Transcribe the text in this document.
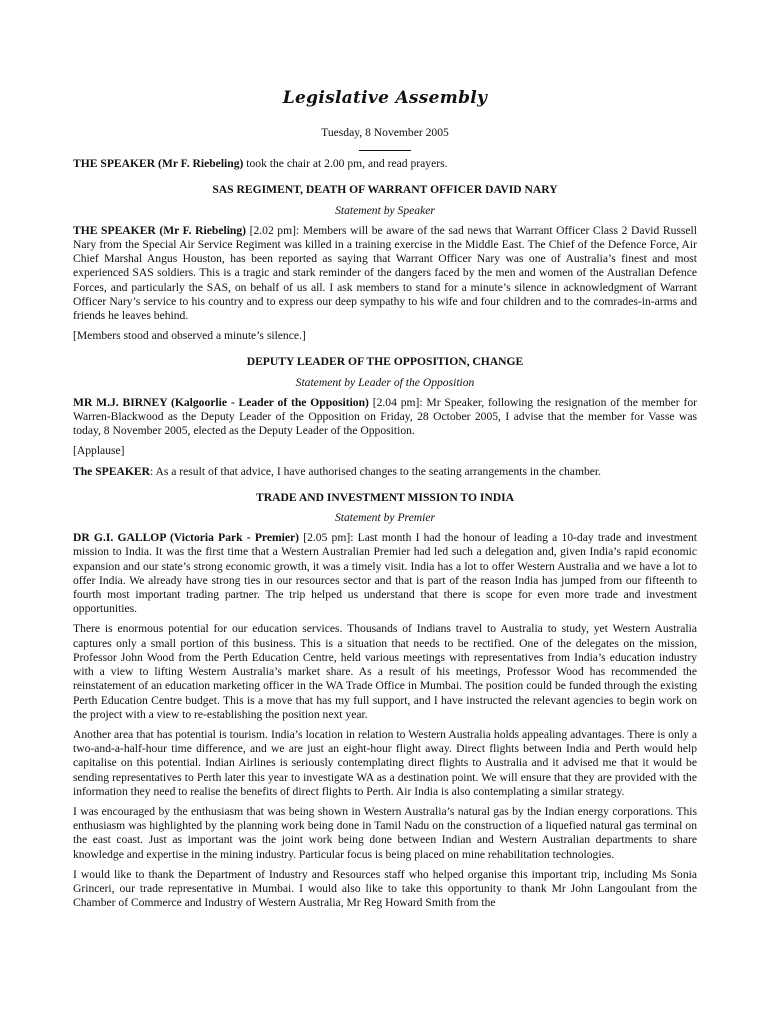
Legislative Assembly
Tuesday, 8 November 2005

THE SPEAKER (Mr F. Riebeling) took the chair at 2.00 pm, and read prayers.

SAS REGIMENT, DEATH OF WARRANT OFFICER DAVID NARY
Statement by Speaker

THE SPEAKER (Mr F. Riebeling) [2.02 pm]: Members will be aware of the sad news that Warrant Officer Class 2 David Russell Nary from the Special Air Service Regiment was killed in a training exercise in the Middle East. The Chief of the Defence Force, Air Chief Marshal Angus Houston, has been reported as saying that Warrant Officer Nary was one of Australia’s finest and most experienced SAS soldiers. This is a tragic and stark reminder of the dangers faced by the men and women of the Australian Defence Forces, and particularly the SAS, on behalf of us all. I ask members to stand for a minute’s silence in acknowledgment of Warrant Officer Nary’s service to his country and to express our deep sympathy to his wife and four children and to the comrades-in-arms and friends he leaves behind.

[Members stood and observed a minute’s silence.]

DEPUTY LEADER OF THE OPPOSITION, CHANGE
Statement by Leader of the Opposition

MR M.J. BIRNEY (Kalgoorlie - Leader of the Opposition) [2.04 pm]: Mr Speaker, following the resignation of the member for Warren-Blackwood as the Deputy Leader of the Opposition on Friday, 28 October 2005, I advise that the member for Vasse was today, 8 November 2005, elected as the Deputy Leader of the Opposition.

[Applause]

The SPEAKER: As a result of that advice, I have authorised changes to the seating arrangements in the chamber.

TRADE AND INVESTMENT MISSION TO INDIA
Statement by Premier

DR G.I. GALLOP (Victoria Park - Premier) [2.05 pm]: Last month I had the honour of leading a 10-day trade and investment mission to India. It was the first time that a Western Australian Premier had led such a delegation and, given India’s rapid economic expansion and our state’s strong economic growth, it was a timely visit. India has a lot to offer Western Australia and we have a lot to offer India. We already have strong ties in our resources sector and that is part of the reason India has jumped from our fifteenth to fourth most important trading partner. The trip helped us understand that there is scope for even more trade and investment opportunities.

There is enormous potential for our education services. Thousands of Indians travel to Australia to study, yet Western Australia captures only a small portion of this business. This is a situation that needs to be rectified. One of the delegates on the mission, Professor John Wood from the Perth Education Centre, held various meetings with representatives from India’s education industry with a view to lifting Western Australia’s market share. As a result of his meetings, Professor Wood has recommended the reinstatement of an education marketing officer in the WA Trade Office in Mumbai. The position could be funded through the existing Perth Education Centre budget. This is a move that has my full support, and I have instructed the relevant agencies to begin work on the project with a view to re-establishing the position next year.

Another area that has potential is tourism. India’s location in relation to Western Australia holds appealing advantages. There is only a two-and-a-half-hour time difference, and we are just an eight-hour flight away. Direct flights between India and Perth would help capitalise on this potential. Indian Airlines is seriously contemplating direct flights to Australia and it advised me that it would be sending representatives to Perth later this year to investigate WA as a destination point. We will ensure that they are provided with the information they need to realise the benefits of direct flights to Perth. Air India is also contemplating a similar strategy.

I was encouraged by the enthusiasm that was being shown in Western Australia’s natural gas by the Indian energy corporations. This enthusiasm was highlighted by the planning work being done in Tamil Nadu on the construction of a liquefied natural gas terminal on the east coast. Just as important was the joint work being done between Indian and Western Australian departments to share knowledge and expertise in the mining industry. Particular focus is being placed on mine rehabilitation technologies.

I would like to thank the Department of Industry and Resources staff who helped organise this important trip, including Ms Sonia Grinceri, our trade representative in Mumbai. I would also like to take this opportunity to thank Mr John Langoulant from the Chamber of Commerce and Industry of Western Australia, Mr Reg Howard Smith from the
